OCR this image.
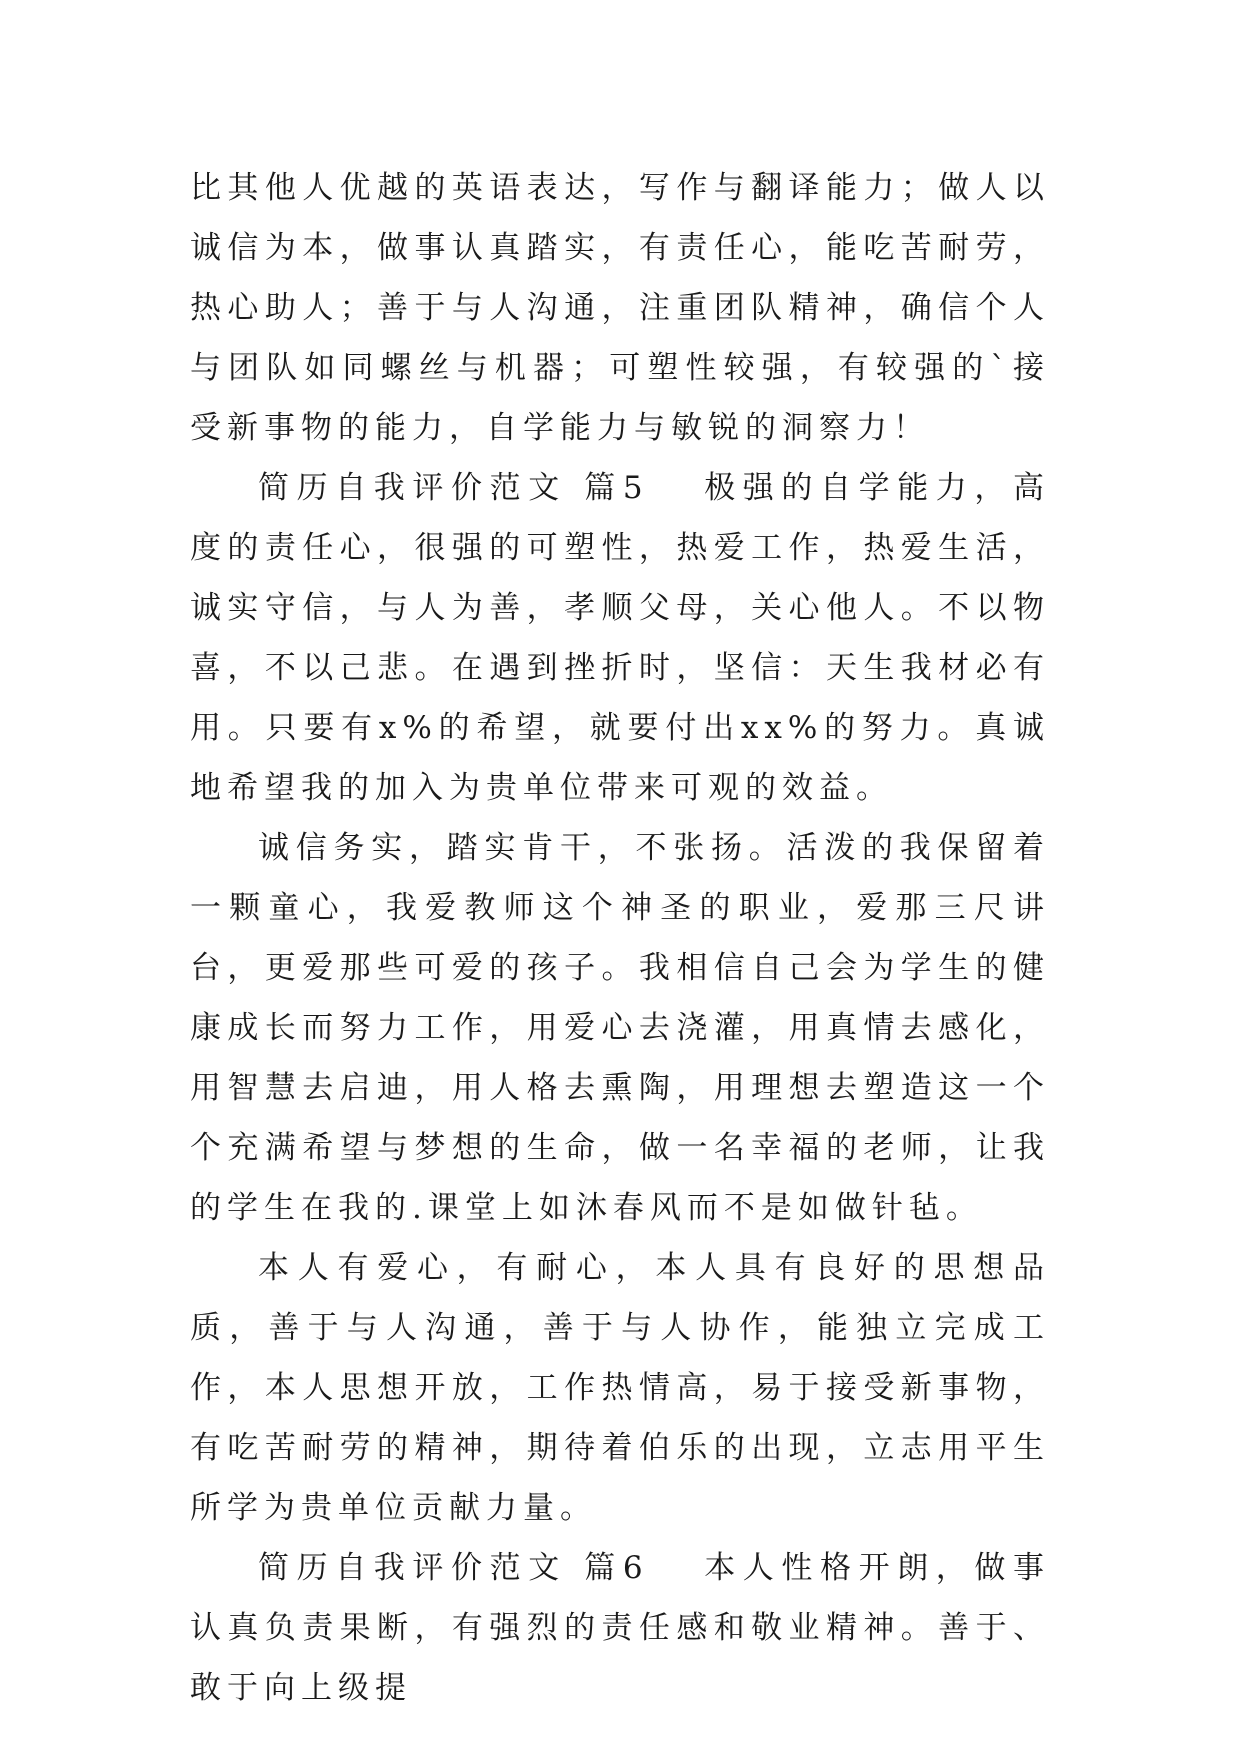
比其他人优越的英语表达，写作与翻译能力；做人以诚信为本，做事认真踏实，有责任心，能吃苦耐劳，热心助人；善于与人沟通，注重团队精神，确信个人与团队如同螺丝与机器；可塑性较强，有较强的`接受新事物的能力，自学能力与敏锐的洞察力！

简历自我评价范文 篇5 极强的自学能力，高度的责任心，很强的可塑性，热爱工作，热爱生活，诚实守信，与人为善，孝顺父母，关心他人。不以物喜，不以己悲。在遇到挫折时，坚信：天生我材必有用。只要有x%的希望，就要付出xx%的努力。真诚地希望我的加入为贵单位带来可观的效益。

诚信务实，踏实肯干，不张扬。活泼的我保留着一颗童心，我爱教师这个神圣的职业，爱那三尺讲台，更爱那些可爱的孩子。我相信自己会为学生的健康成长而努力工作，用爱心去浇灌，用真情去感化，用智慧去启迪，用人格去熏陶，用理想去塑造这一个个充满希望与梦想的生命，做一名幸福的老师，让我的学生在我的.课堂上如沐春风而不是如做针毡。

本人有爱心，有耐心，本人具有良好的思想品质，善于与人沟通，善于与人协作，能独立完成工作，本人思想开放，工作热情高，易于接受新事物，有吃苦耐劳的精神，期待着伯乐的出现，立志用平生所学为贵单位贡献力量。

简历自我评价范文 篇6 本人性格开朗，做事认真负责果断，有强烈的责任感和敬业精神。善于、敢于向上级提
